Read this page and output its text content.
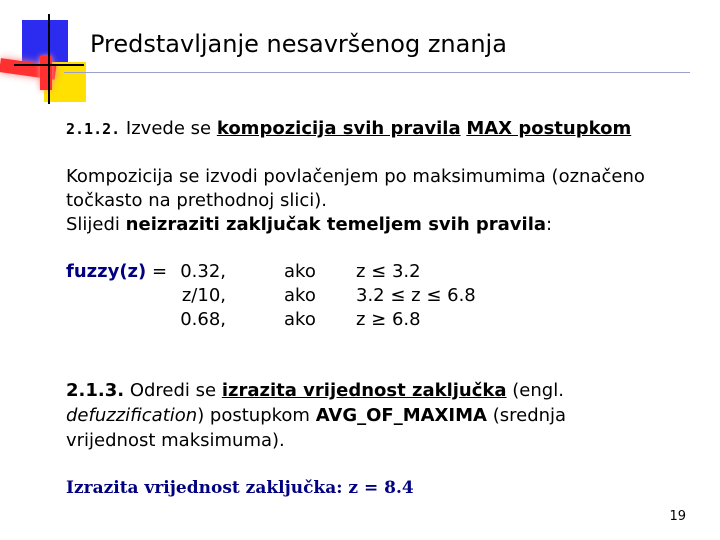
Predstavljanje nesavršenog znanja
2.1.2. Izvede se kompozicija svih pravila MAX postupkom
Kompozicija se izvodi povlačenjem po maksimumima (označeno
točkasto na prethodnoj slici).
Slijedi neizraziti zaključak temeljem svih pravila:
fuzzy(z) = 0.32,
z/10,
0.68,
ako
ako
ako
z ≤ 3.2
3.2 ≤ z ≤ 6.8
z ≥ 6.8
2.1.3. Odredi se izrazita vrijednost zaključka (engl.
defuzzification) postupkom AVG_OF_MAXIMA (srednja
vrijednost maksimuma).
Izrazita vrijednost zaključka: z = 8.4
19
